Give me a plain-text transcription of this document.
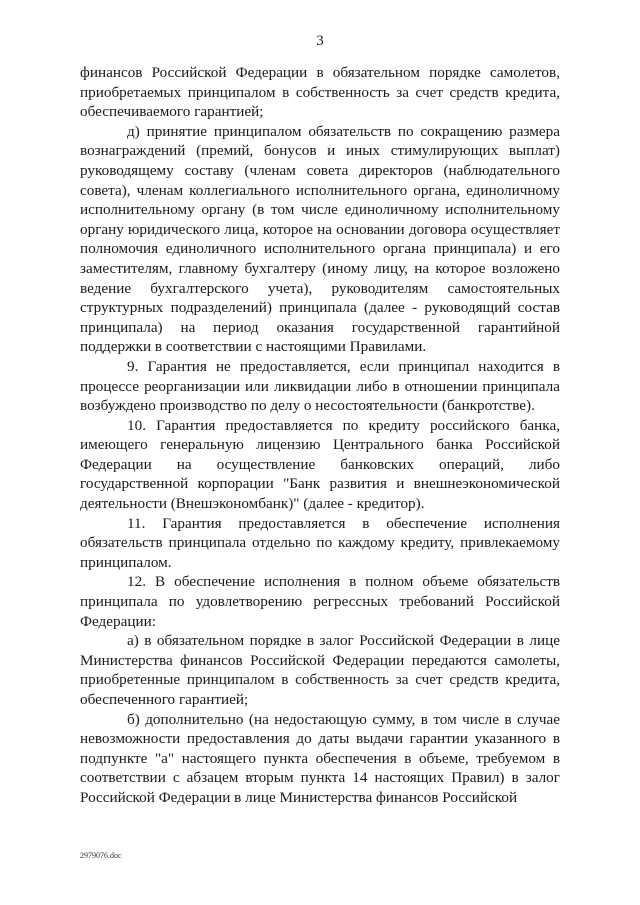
3

финансов Российской Федерации в обязательном порядке самолетов, приобретаемых принципалом в собственность за счет средств кредита, обеспечиваемого гарантией;

д) принятие принципалом обязательств по сокращению размера вознаграждений (премий, бонусов и иных стимулирующих выплат) руководящему составу (членам совета директоров (наблюдательного совета), членам коллегиального исполнительного органа, единоличному исполнительному органу (в том числе единоличному исполнительному органу юридического лица, которое на основании договора осуществляет полномочия единоличного исполнительного органа принципала) и его заместителям, главному бухгалтеру (иному лицу, на которое возложено ведение бухгалтерского учета), руководителям самостоятельных структурных подразделений) принципала (далее - руководящий состав принципала) на период оказания государственной гарантийной поддержки в соответствии с настоящими Правилами.

9. Гарантия не предоставляется, если принципал находится в процессе реорганизации или ликвидации либо в отношении принципала возбуждено производство по делу о несостоятельности (банкротстве).

10. Гарантия предоставляется по кредиту российского банка, имеющего генеральную лицензию Центрального банка Российской Федерации на осуществление банковских операций, либо государственной корпорации "Банк развития и внешнеэкономической деятельности (Внешэкономбанк)" (далее - кредитор).

11. Гарантия предоставляется в обеспечение исполнения обязательств принципала отдельно по каждому кредиту, привлекаемому принципалом.

12. В обеспечение исполнения в полном объеме обязательств принципала по удовлетворению регрессных требований Российской Федерации:

а) в обязательном порядке в залог Российской Федерации в лице Министерства финансов Российской Федерации передаются самолеты, приобретенные принципалом в собственность за счет средств кредита, обеспеченного гарантией;

б) дополнительно (на недостающую сумму, в том числе в случае невозможности предоставления до даты выдачи гарантии указанного в подпункте "а" настоящего пункта обеспечения в объеме, требуемом в соответствии с абзацем вторым пункта 14 настоящих Правил) в залог Российской Федерации в лице Министерства финансов Российской

2979076.doc
